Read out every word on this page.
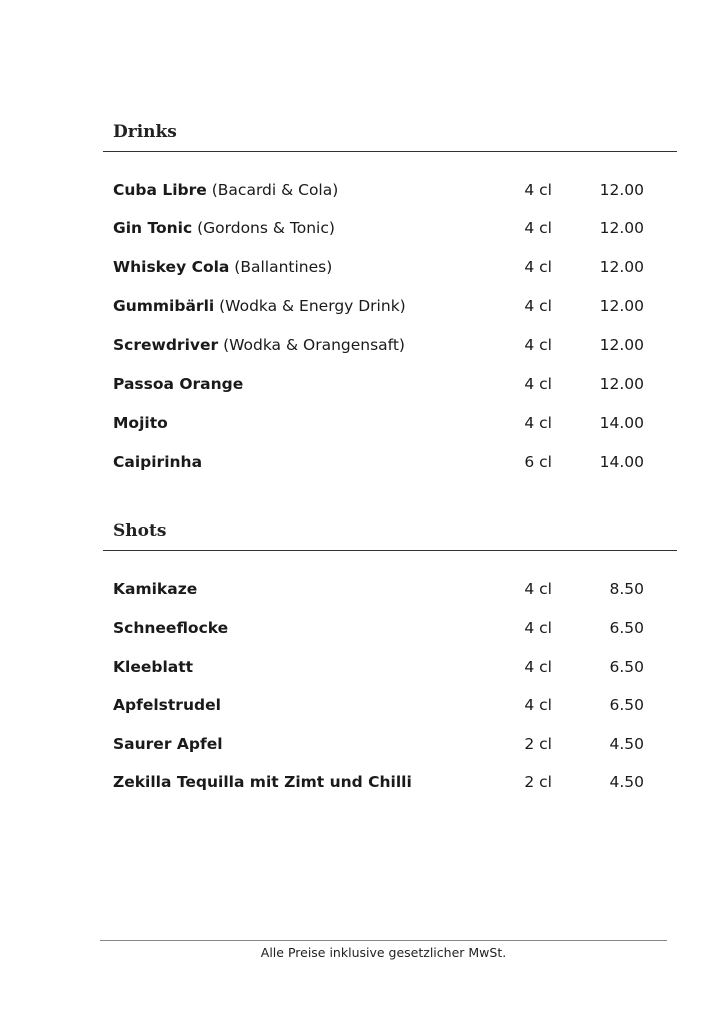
Drinks
Cuba Libre (Bacardi & Cola)	4 cl	12.00
Gin Tonic (Gordons & Tonic)	4 cl	12.00
Whiskey Cola (Ballantines)	4 cl	12.00
Gummibärli (Wodka & Energy Drink)	4 cl	12.00
Screwdriver (Wodka & Orangensaft)	4 cl	12.00
Passoa Orange	4 cl	12.00
Mojito	4 cl	14.00
Caipirinha	6 cl	14.00
Shots
Kamikaze	4 cl	8.50
Schneeflocke	4 cl	6.50
Kleeblatt	4 cl	6.50
Apfelstrudel	4 cl	6.50
Saurer Apfel	2 cl	4.50
Zekilla Tequilla mit Zimt und Chilli	2 cl	4.50
Alle Preise inklusive gesetzlicher MwSt.
